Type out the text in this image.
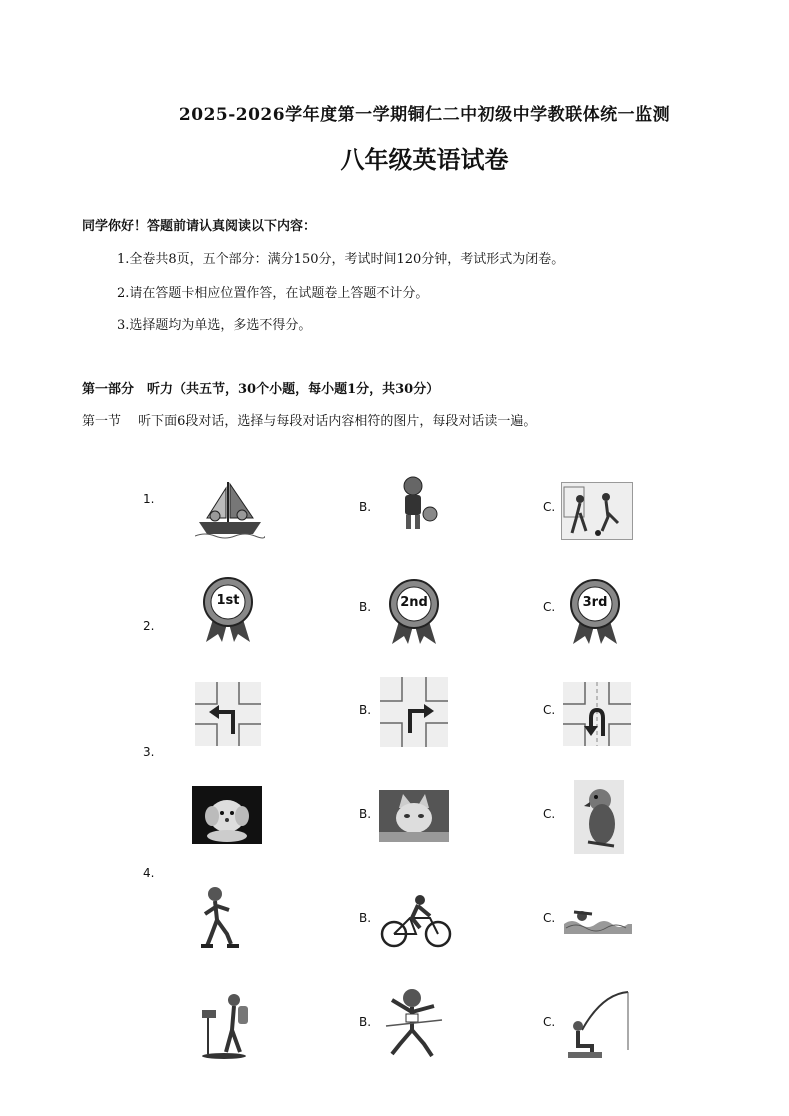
2025-2026学年度第一学期铜仁二中初级中学教联体统一监测
八年级英语试卷
同学你好！答题前请认真阅读以下内容：
1.全卷共8页，五个部分：满分150分，考试时间120分钟，考试形式为闭卷。
2.请在答题卡相应位置作答，在试题卷上答题不计分。
3.选择题均为单选，多选不得分。
第一部分　听力（共五节，30个小题，每小题1分，共30分）
第一节　 听下面6段对话，选择与每段对话内容相符的图片，每段对话读一遍。
1.
B.	C.
2.
1st	B.	2nd	C.	3rd
B.	C.
3.
B.	C.
4.
B.	C.
B.	C.
